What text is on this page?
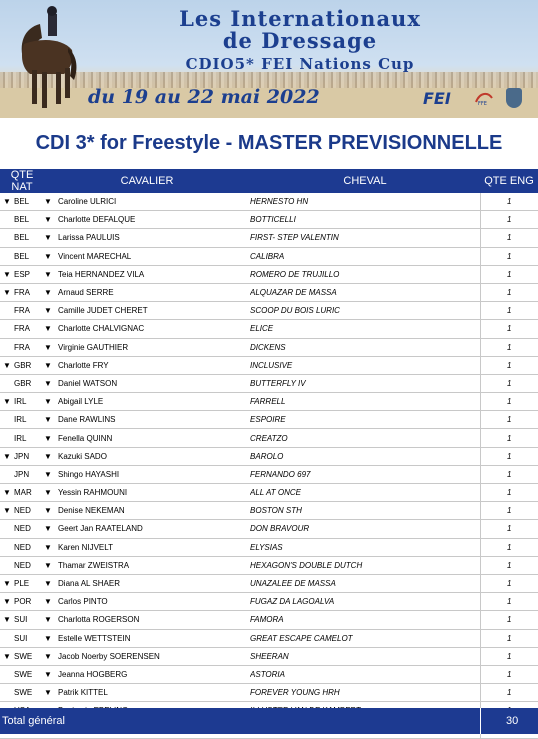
Les Internationaux
de Dressage
CDIO5* FEI Nations Cup
du 19 au 22 mai 2022	FEI	FFE
CDI 3* for Freestyle - MASTER PREVISIONNELLE
QTE NAT		CAVALIER	CHEVAL	QTE ENG
▼	BEL	▼ Caroline ULRICI	HERNESTO HN	1
	BEL	▼ Charlotte DEFALQUE	BOTTICELLI	1
	BEL	▼ Larissa PAULUIS	FIRST- STEP VALENTIN	1
	BEL	▼ Vincent MARECHAL	CALIBRA	1
▼	ESP	▼ Teia HERNANDEZ VILA	ROMERO DE TRUJILLO	1
▼	FRA	▼ Arnaud SERRE	ALQUAZAR DE MASSA	1
	FRA	▼ Camille JUDET CHERET	SCOOP DU BOIS LURIC	1
	FRA	▼ Charlotte CHALVIGNAC	ELICE	1
	FRA	▼ Virginie GAUTHIER	DICKENS	1
▼	GBR	▼ Charlotte FRY	INCLUSIVE	1
	GBR	▼ Daniel WATSON	BUTTERFLY IV	1
▼	IRL	▼ Abigail LYLE	FARRELL	1
	IRL	▼ Dane RAWLINS	ESPOIRE	1
	IRL	▼ Fenella QUINN	CREATZO	1
▼	JPN	▼ Kazuki SADO	BAROLO	1
	JPN	▼ Shingo HAYASHI	FERNANDO 697	1
▼	MAR	▼ Yessin RAHMOUNI	ALL AT ONCE	1
▼	NED	▼ Denise NEKEMAN	BOSTON STH	1
	NED	▼ Geert Jan RAATELAND	DON BRAVOUR	1
	NED	▼ Karen NIJVELT	ELYSIAS	1
	NED	▼ Thamar ZWEISTRA	HEXAGON'S DOUBLE DUTCH	1
▼	PLE	▼ Diana AL SHAER	UNAZALEE DE MASSA	1
▼	POR	▼ Carlos PINTO	FUGAZ DA LAGOALVA	1
▼	SUI	▼ Charlotta ROGERSON	FAMORA	1
	SUI	▼ Estelle WETTSTEIN	GREAT ESCAPE CAMELOT	1
▼	SWE	▼ Jacob Noerby SOERENSEN	SHEERAN	1
	SWE	▼ Jeanna HOGBERG	ASTORIA	1
	SWE	▼ Patrik KITTEL	FOREVER YOUNG HRH	1

Total général	30
